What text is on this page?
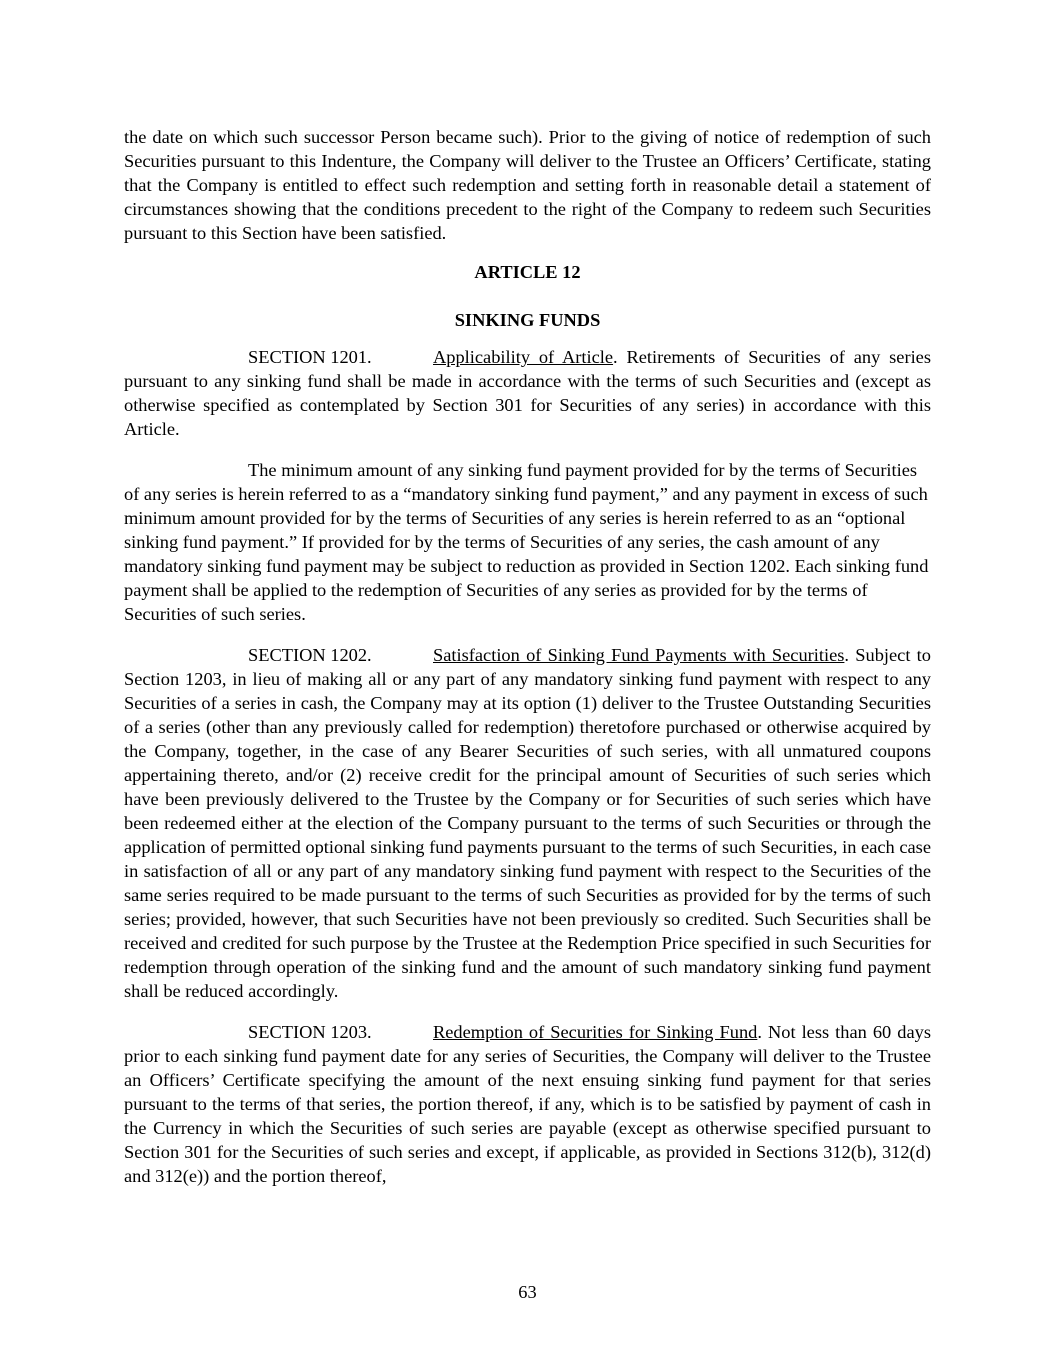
the date on which such successor Person became such). Prior to the giving of notice of redemption of such Securities pursuant to this Indenture, the Company will deliver to the Trustee an Officers’ Certificate, stating that the Company is entitled to effect such redemption and setting forth in reasonable detail a statement of circumstances showing that the conditions precedent to the right of the Company to redeem such Securities pursuant to this Section have been satisfied.

ARTICLE 12

SINKING FUNDS

SECTION 1201.	Applicability of Article. Retirements of Securities of any series pursuant to any sinking fund shall be made in accordance with the terms of such Securities and (except as otherwise specified as contemplated by Section 301 for Securities of any series) in accordance with this Article.

The minimum amount of any sinking fund payment provided for by the terms of Securities of any series is herein referred to as a “mandatory sinking fund payment,” and any payment in excess of such minimum amount provided for by the terms of Securities of any series is herein referred to as an “optional sinking fund payment.” If provided for by the terms of Securities of any series, the cash amount of any mandatory sinking fund payment may be subject to reduction as provided in Section 1202. Each sinking fund payment shall be applied to the redemption of Securities of any series as provided for by the terms of Securities of such series.

SECTION 1202.	Satisfaction of Sinking Fund Payments with Securities. Subject to Section 1203, in lieu of making all or any part of any mandatory sinking fund payment with respect to any Securities of a series in cash, the Company may at its option (1) deliver to the Trustee Outstanding Securities of a series (other than any previously called for redemption) theretofore purchased or otherwise acquired by the Company, together, in the case of any Bearer Securities of such series, with all unmatured coupons appertaining thereto, and/or (2) receive credit for the principal amount of Securities of such series which have been previously delivered to the Trustee by the Company or for Securities of such series which have been redeemed either at the election of the Company pursuant to the terms of such Securities or through the application of permitted optional sinking fund payments pursuant to the terms of such Securities, in each case in satisfaction of all or any part of any mandatory sinking fund payment with respect to the Securities of the same series required to be made pursuant to the terms of such Securities as provided for by the terms of such series; provided, however, that such Securities have not been previously so credited. Such Securities shall be received and credited for such purpose by the Trustee at the Redemption Price specified in such Securities for redemption through operation of the sinking fund and the amount of such mandatory sinking fund payment shall be reduced accordingly.

SECTION 1203.	Redemption of Securities for Sinking Fund. Not less than 60 days prior to each sinking fund payment date for any series of Securities, the Company will deliver to the Trustee an Officers’ Certificate specifying the amount of the next ensuing sinking fund payment for that series pursuant to the terms of that series, the portion thereof, if any, which is to be satisfied by payment of cash in the Currency in which the Securities of such series are payable (except as otherwise specified pursuant to Section 301 for the Securities of such series and except, if applicable, as provided in Sections 312(b), 312(d) and 312(e)) and the portion thereof,

63
